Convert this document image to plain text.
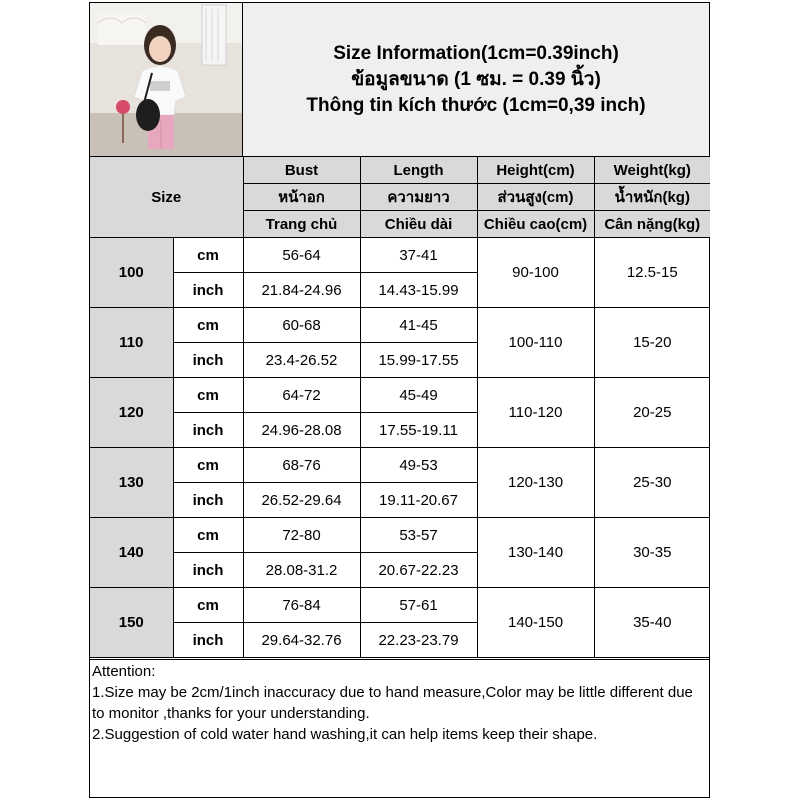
Size Information(1cm=0.39inch)
ข้อมูลขนาด (1 ซม. = 0.39 นิ้ว)
Thông tin kích thước (1cm=0,39 inch)
Size		Bust	Length	Height(cm)	Weight(kg)
		หน้าอก	ความยาว	ส่วนสูง(cm)	น้ำหนัก(kg)
		Trang chủ	Chiều dài	Chiều cao(cm)	Cân nặng(kg)
100	cm	56-64	37-41	90-100	12.5-15
	inch	21.84-24.96	14.43-15.99		
110	cm	60-68	41-45	100-110	15-20
	inch	23.4-26.52	15.99-17.55		
120	cm	64-72	45-49	110-120	20-25
	inch	24.96-28.08	17.55-19.11		
130	cm	68-76	49-53	120-130	25-30
	inch	26.52-29.64	19.11-20.67		
140	cm	72-80	53-57	130-140	30-35
	inch	28.08-31.2	20.67-22.23		
150	cm	76-84	57-61	140-150	35-40
	inch	29.64-32.76	22.23-23.79		
Attention:
1.Size may be 2cm/1inch inaccuracy due to hand measure,Color may be little different due to monitor ,thanks for your understanding.
2.Suggestion of cold water hand washing,it can help items keep their shape.
